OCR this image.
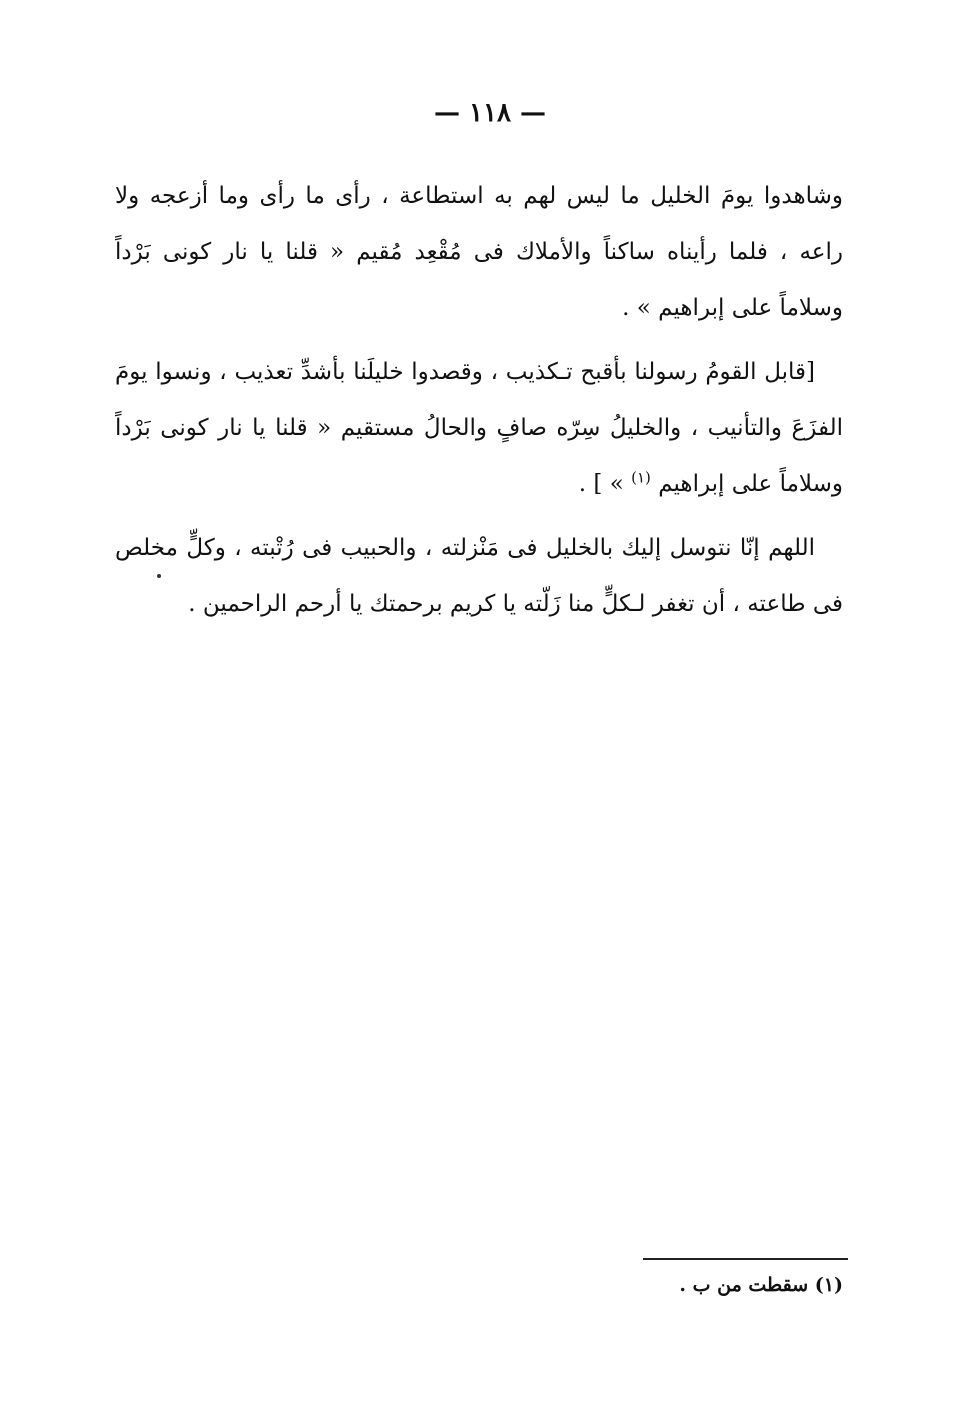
— ١١٨ —

وشاهدوا يومَ الخليل ما ليس لهم به استطاعة ، رأى ما رأى وما أزعجه ولا راعه ، فلما رأيناه ساكناً والأملاك فى مُقْعِد مُقيم « قلنا يا نار كونى بَرْداً وسلاماً على إبراهيم » .

[قابل القومُ رسولنا بأقبح تـكذيب ، وقصدوا خليلَنا بأشدِّ تعذيب ، ونسوا يومَ الفزَعَ والتأنيب ، والخليلُ سِرّه صافٍ والحالُ مستقيم « قلنا يا نار كونى بَرْداً وسلاماً على إبراهيم $^{(١)}$ » ] .

اللهم إنّا نتوسل إليك بالخليل فى مَنْزلته ، والحبيب فى رُتْبته ، وكلٍّ مخلص فى طاعته ، أن تغفر لـكلٍّ منا زَلّته يا كريم برحمتك يا أرحم الراحمين .

(١) سقطت من ب .
